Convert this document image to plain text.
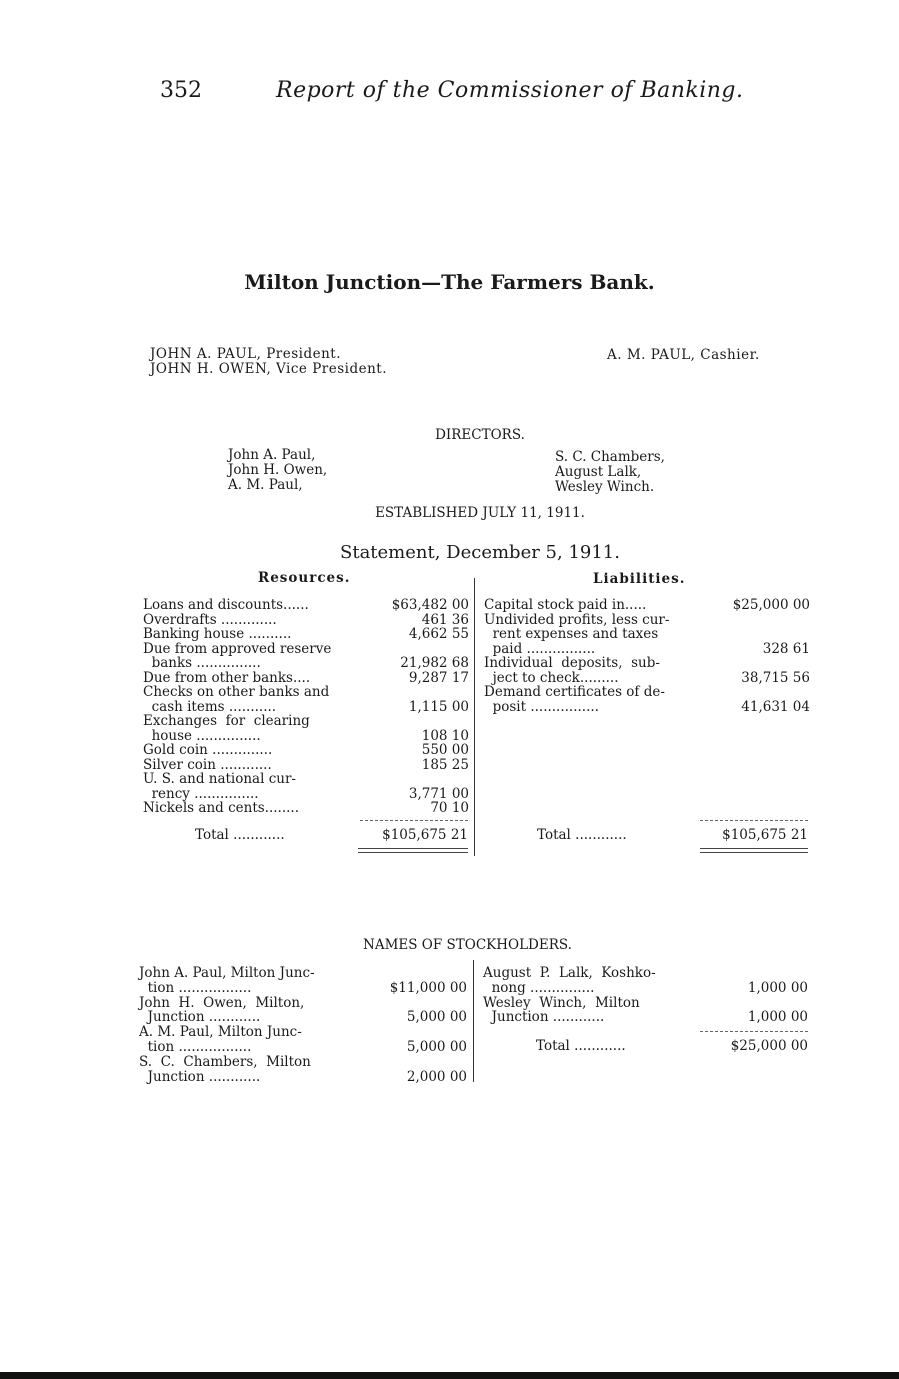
352	Report of the Commissioner of Banking.
Milton Junction—The Farmers Bank.
JOHN A. PAUL, President.
JOHN H. OWEN, Vice President.
A. M. PAUL, Cashier.
DIRECTORS.
John A. Paul,
John H. Owen,
A. M. Paul,
S. C. Chambers,
August Lalk,
Wesley Winch.
ESTABLISHED JULY 11, 1911.
Statement, December 5, 1911.
Resources.	Liabilities.
Loans and discounts......	$63,482 00
Overdrafts .............	461 36
Banking house ..........	4,662 55
Due from approved reserve
banks ...............	21,982 68
Due from other banks....	9,287 17
Checks on other banks and
cash items ...........	1,115 00
Exchanges  for  clearing
house ...............	108 10
Gold coin ..............	550 00
Silver coin ............	185 25
U. S. and national cur-
rency ...............	3,771 00
Nickels and cents........	70 10
Capital stock paid in.....	$25,000 00
Undivided profits, less cur-
rent expenses and taxes
paid ................	328 61
Individual  deposits,  sub-
ject to check.........	38,715 56
Demand certificates of de-
posit ................	41,631 04
Total ............	$105,675 21	Total ............	$105,675 21
NAMES OF STOCKHOLDERS.
John A. Paul, Milton Junc-
tion .................	$11,000 00
John  H.  Owen,  Milton,
Junction ............	5,000 00
A. M. Paul, Milton Junc-
tion .................	5,000 00
S.  C.  Chambers,  Milton
Junction ............	2,000 00
August  P.  Lalk,  Koshko-
nong ...............	1,000 00
Wesley  Winch,  Milton
Junction ............	1,000 00
Total ............	$25,000 00
